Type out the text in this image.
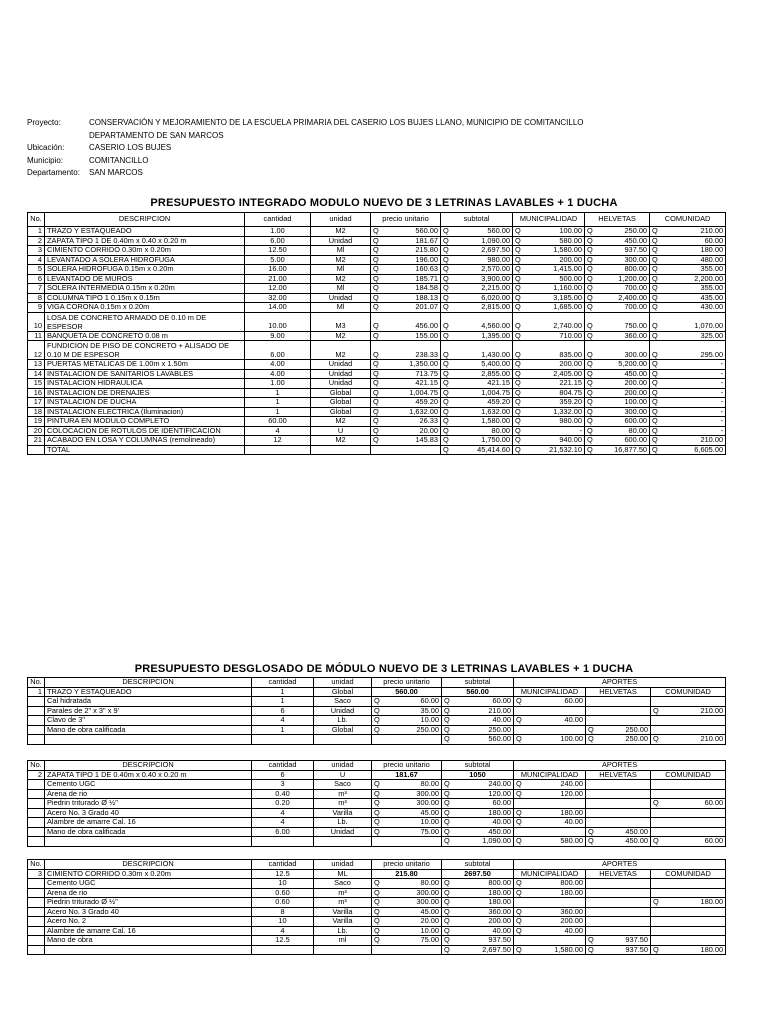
Proyecto:	CONSERVACIÓN Y MEJORAMIENTO DE LA ESCUELA PRIMARIA DEL CASERIO LOS BUJES LLANO, MUNICIPIO DE COMITANCILLO
DEPARTAMENTO DE SAN MARCOS
Ubicación:	CASERIO LOS BUJES
Municipio:	COMITANCILLO
Departamento:	SAN MARCOS
PRESUPUESTO INTEGRADO MODULO NUEVO DE 3 LETRINAS LAVABLES + 1 DUCHA
No.	DESCRIPCION	cantidad	unidad	precio unitario		subtotal		MUNICIPALIDAD		HELVETAS		COMUNIDAD	
1	TRAZO Y ESTAQUEADO	1.00	M2	Q	560.00	Q	560.00	Q	100.00	Q	250.00	Q	210.00
2	ZAPATA TIPO 1 DE 0.40m x 0.40 x 0.20 m	6.00	Unidad	Q	181.67	Q	1,090.00	Q	580.00	Q	450.00	Q	60.00
3	CIMIENTO CORRIDO 0.30m x 0.20m	12.50	Ml	Q	215.80	Q	2,697.50	Q	1,580.00	Q	937.50	Q	180.00
4	LEVANTADO A SOLERA HIDROFUGA	5.00	M2	Q	196.00	Q	980.00	Q	200.00	Q	300.00	Q	480.00
5	SOLERA HIDROFUGA 0.15m x 0.20m	16.00	Ml	Q	160.63	Q	2,570.00	Q	1,415.00	Q	800.00	Q	355.00
6	LEVANTADO DE MUROS	21.00	M2	Q	185.71	Q	3,900.00	Q	500.00	Q	1,200.00	Q	2,200.00
7	SOLERA INTERMEDIA 0.15m x 0.20m	12.00	Ml	Q	184.58	Q	2,215.00	Q	1,160.00	Q	700.00	Q	355.00
8	COLUMNA TIPO 1 0.15m x 0.15m	32.00	Unidad	Q	188.13	Q	6,020.00	Q	3,185.00	Q	2,400.00	Q	435.00
9	VIGA CORONA 0.15m x 0.20m	14.00	Ml	Q	201.07	Q	2,815.00	Q	1,685.00	Q	700.00	Q	430.00
10	LOSA DE CONCRETO ARMADO DE 0.10 m DE ESPESOR	10.00	M3	Q	456.00	Q	4,560.00	Q	2,740.00	Q	750.00	Q	1,070.00
11	BANQUETA DE CONCRETO 0.08 m	9.00	M2	Q	155.00	Q	1,395.00	Q	710.00	Q	360.00	Q	325.00
12	FUNDICION DE PISO DE CONCRETO + ALISADO DE 0.10 M DE ESPESOR	6.00	M2	Q	238.33	Q	1,430.00	Q	835.00	Q	300.00	Q	295.00
13	PUERTAS METALICAS DE 1.00m x 1.50m	4.00	Unidad	Q	1,350.00	Q	5,400.00	Q	200.00	Q	5,200.00	Q	-
14	INSTALACION DE SANITARIOS LAVABLES	4.00	Unidad	Q	713.75	Q	2,855.00	Q	2,405.00	Q	450.00	Q	-
15	INSTALACION HIDRAULICA	1.00	Unidad	Q	421.15	Q	421.15	Q	221.15	Q	200.00	Q	-
16	INSTALACION DE DRENAJES	1	Global	Q	1,004.75	Q	1,004.75	Q	804.75	Q	200.00	Q	-
17	INSTALACION DE DUCHA	1	Global	Q	459.20	Q	459.20	Q	359.20	Q	100.00	Q	-
18	INSTALACION ELECTRICA (Iluminacion)	1	Global	Q	1,632.00	Q	1,632.00	Q	1,332.00	Q	300.00	Q	-
19	PINTURA EN MODULO COMPLETO	60.00	M2	Q	26.33	Q	1,580.00	Q	980.00	Q	600.00	Q	-
20	COLOCACION DE ROTULOS DE IDENTIFICACION	4	U	Q	20.00	Q	80.00	Q	-	Q	80.00	Q	-
21	ACABADO EN LOSA Y COLUMNAS (remolineado)	12	M2	Q	145.83	Q	1,750.00	Q	940.00	Q	600.00	Q	210.00
	TOTAL					Q	45,414.60	Q	21,532.10	Q	16,877.50	Q	6,605.00
PRESUPUESTO DESGLOSADO DE MÓDULO NUEVO DE 3 LETRINAS LAVABLES + 1 DUCHA
No.	DESCRIPCION	cantidad	unidad	precio unitario		subtotal		APORTES					
1	TRAZO Y ESTAQUEADO	1	Global	560.00		560.00		MUNICIPALIDAD		HELVETAS		COMUNIDAD	
	Cal hidratada	1	Saco	Q	60.00	Q	60.00	Q	60.00				
	Parales de 2" x 3" x 9'	6	Unidad	Q	35.00	Q	210.00					Q	210.00
	Clavo de 3"	4	Lb.	Q	10.00	Q	40.00	Q	40.00				
	Mano de obra calificada	1	Global	Q	250.00	Q	250.00			Q	250.00		
						Q	560.00	Q	100.00	Q	250.00	Q	210.00
No.	DESCRIPCION	cantidad	unidad	precio unitario		subtotal		APORTES					
2	ZAPATA TIPO 1 DE 0.40m x 0.40 x 0.20 m	6	U	181.67		1050		MUNICIPALIDAD		HELVETAS		COMUNIDAD	
	Cemento UGC	3	Saco	Q	80.00	Q	240.00	Q	240.00				
	Arena de rio	0.40	m³	Q	300.00	Q	120.00	Q	120.00				
	Piedrin triturado Ø ½"	0.20	m³	Q	300.00	Q	60.00					Q	60.00
	Acero No. 3 Grado 40	4	Varilla	Q	45.00	Q	180.00	Q	180.00				
	Alambre de amarre Cal. 16	4	Lb.	Q	10.00	Q	40.00	Q	40.00				
	Mano de obra calificada	6.00	Unidad	Q	75.00	Q	450.00			Q	450.00		
						Q	1,090.00	Q	580.00	Q	450.00	Q	60.00
No.	DESCRIPCION	cantidad	unidad	precio unitario		subtotal		APORTES					
3	CIMIENTO CORRIDO 0.30m x 0.20m	12.5	ML	215.80		2697.50		MUNICIPALIDAD		HELVETAS		COMUNIDAD	
	Cemento UGC	10	Saco	Q	80.00	Q	800.00	Q	800.00				
	Arena de rio	0.60	m³	Q	300.00	Q	180.00	Q	180.00				
	Piedrin triturado Ø ½"	0.60	m³	Q	300.00	Q	180.00					Q	180.00
	Acero No. 3 Grado 40	8	Varilla	Q	45.00	Q	360.00	Q	360.00				
	Acero No. 2	10	Varilla	Q	20.00	Q	200.00	Q	200.00				
	Alambre de amarre Cal. 16	4	Lb.	Q	10.00	Q	40.00	Q	40.00				
	Mano de obra	12.5	ml	Q	75.00	Q	937.50			Q	937.50		
						Q	2,697.50	Q	1,580.00	Q	937.50	Q	180.00
